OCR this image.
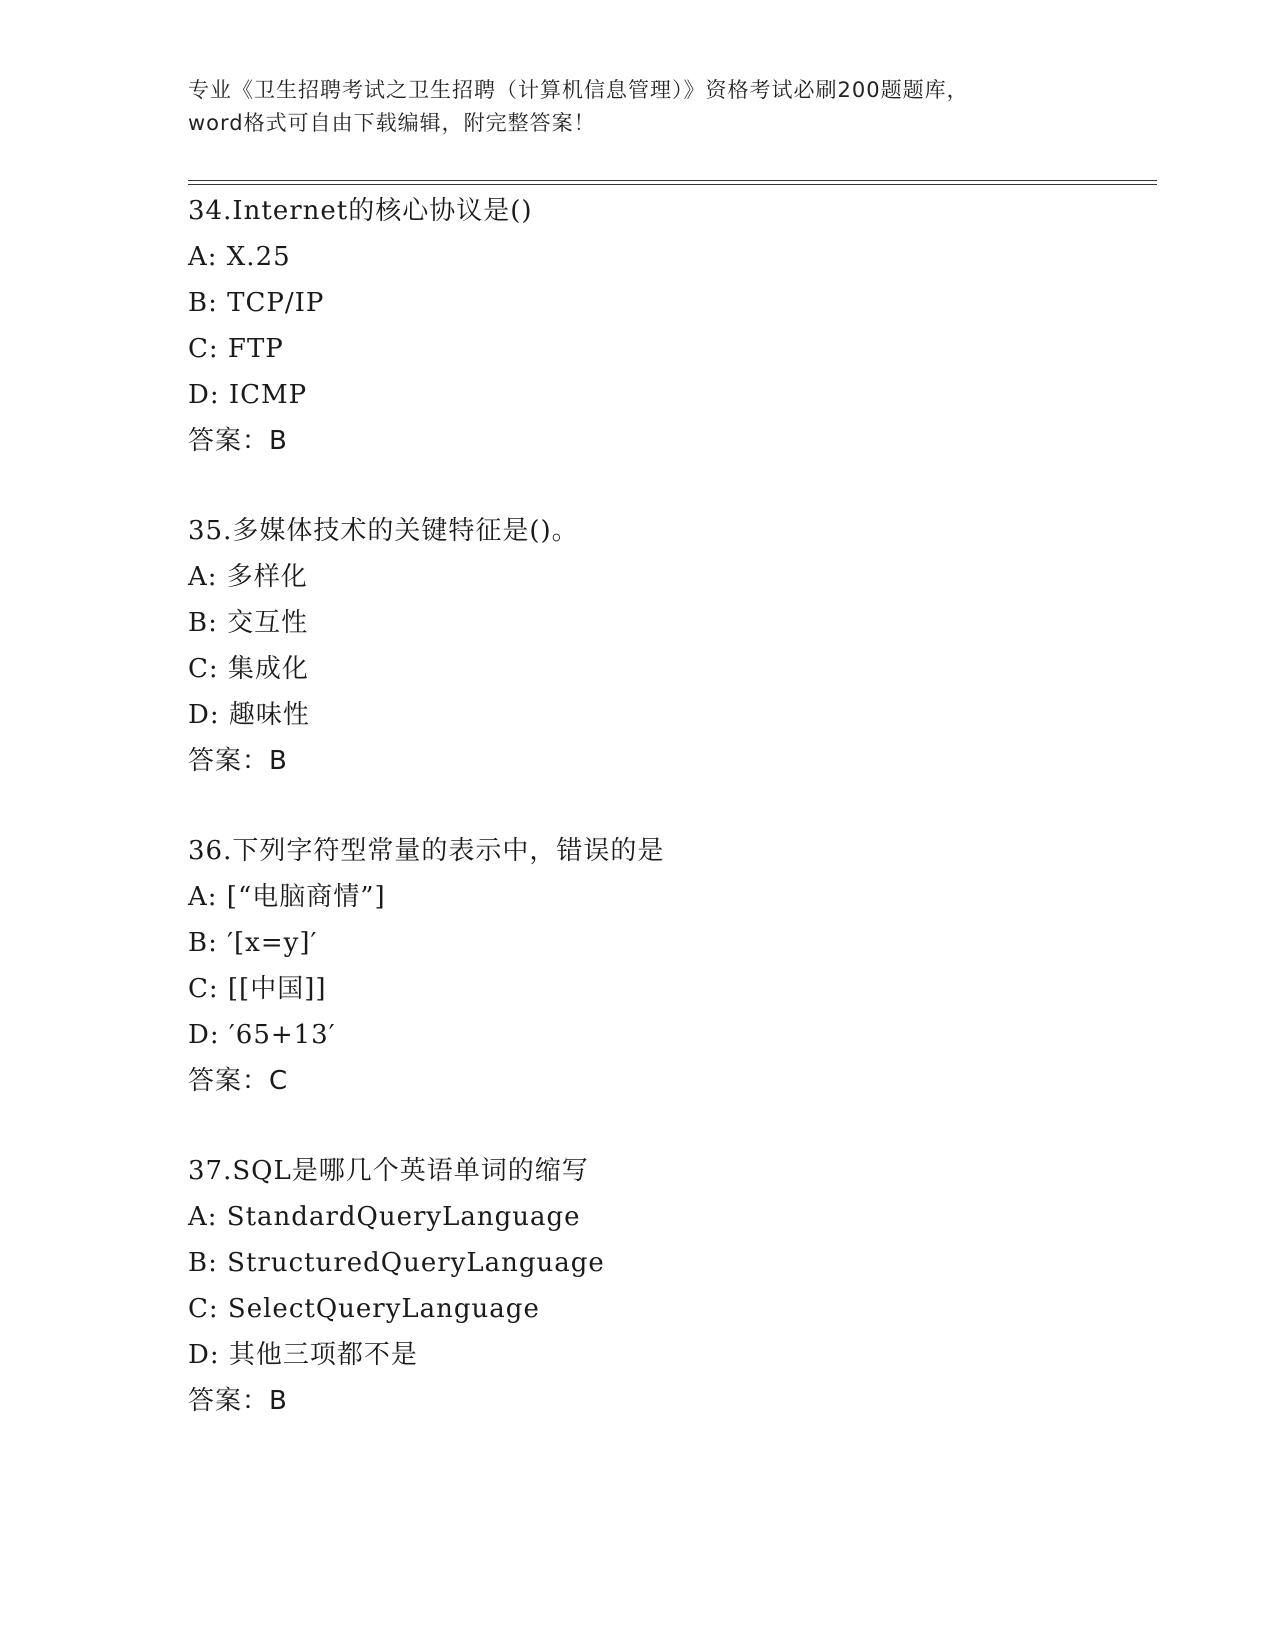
专业《卫生招聘考试之卫生招聘（计算机信息管理）》资格考试必刷200题题库，
word格式可自由下载编辑，附完整答案！
34.Internet的核心协议是()
A: X.25
B: TCP/IP
C: FTP
D: ICMP
答案：B
35.多媒体技术的关键特征是()。
A: 多样化
B: 交互性
C: 集成化
D: 趣味性
答案：B
36.下列字符型常量的表示中，错误的是
A: [“电脑商情”]
B: ′[x=y]′
C: [[中国]]
D: ′65+13′
答案：C
37.SQL是哪几个英语单词的缩写
A: StandardQueryLanguage
B: StructuredQueryLanguage
C: SelectQueryLanguage
D: 其他三项都不是
答案：B
